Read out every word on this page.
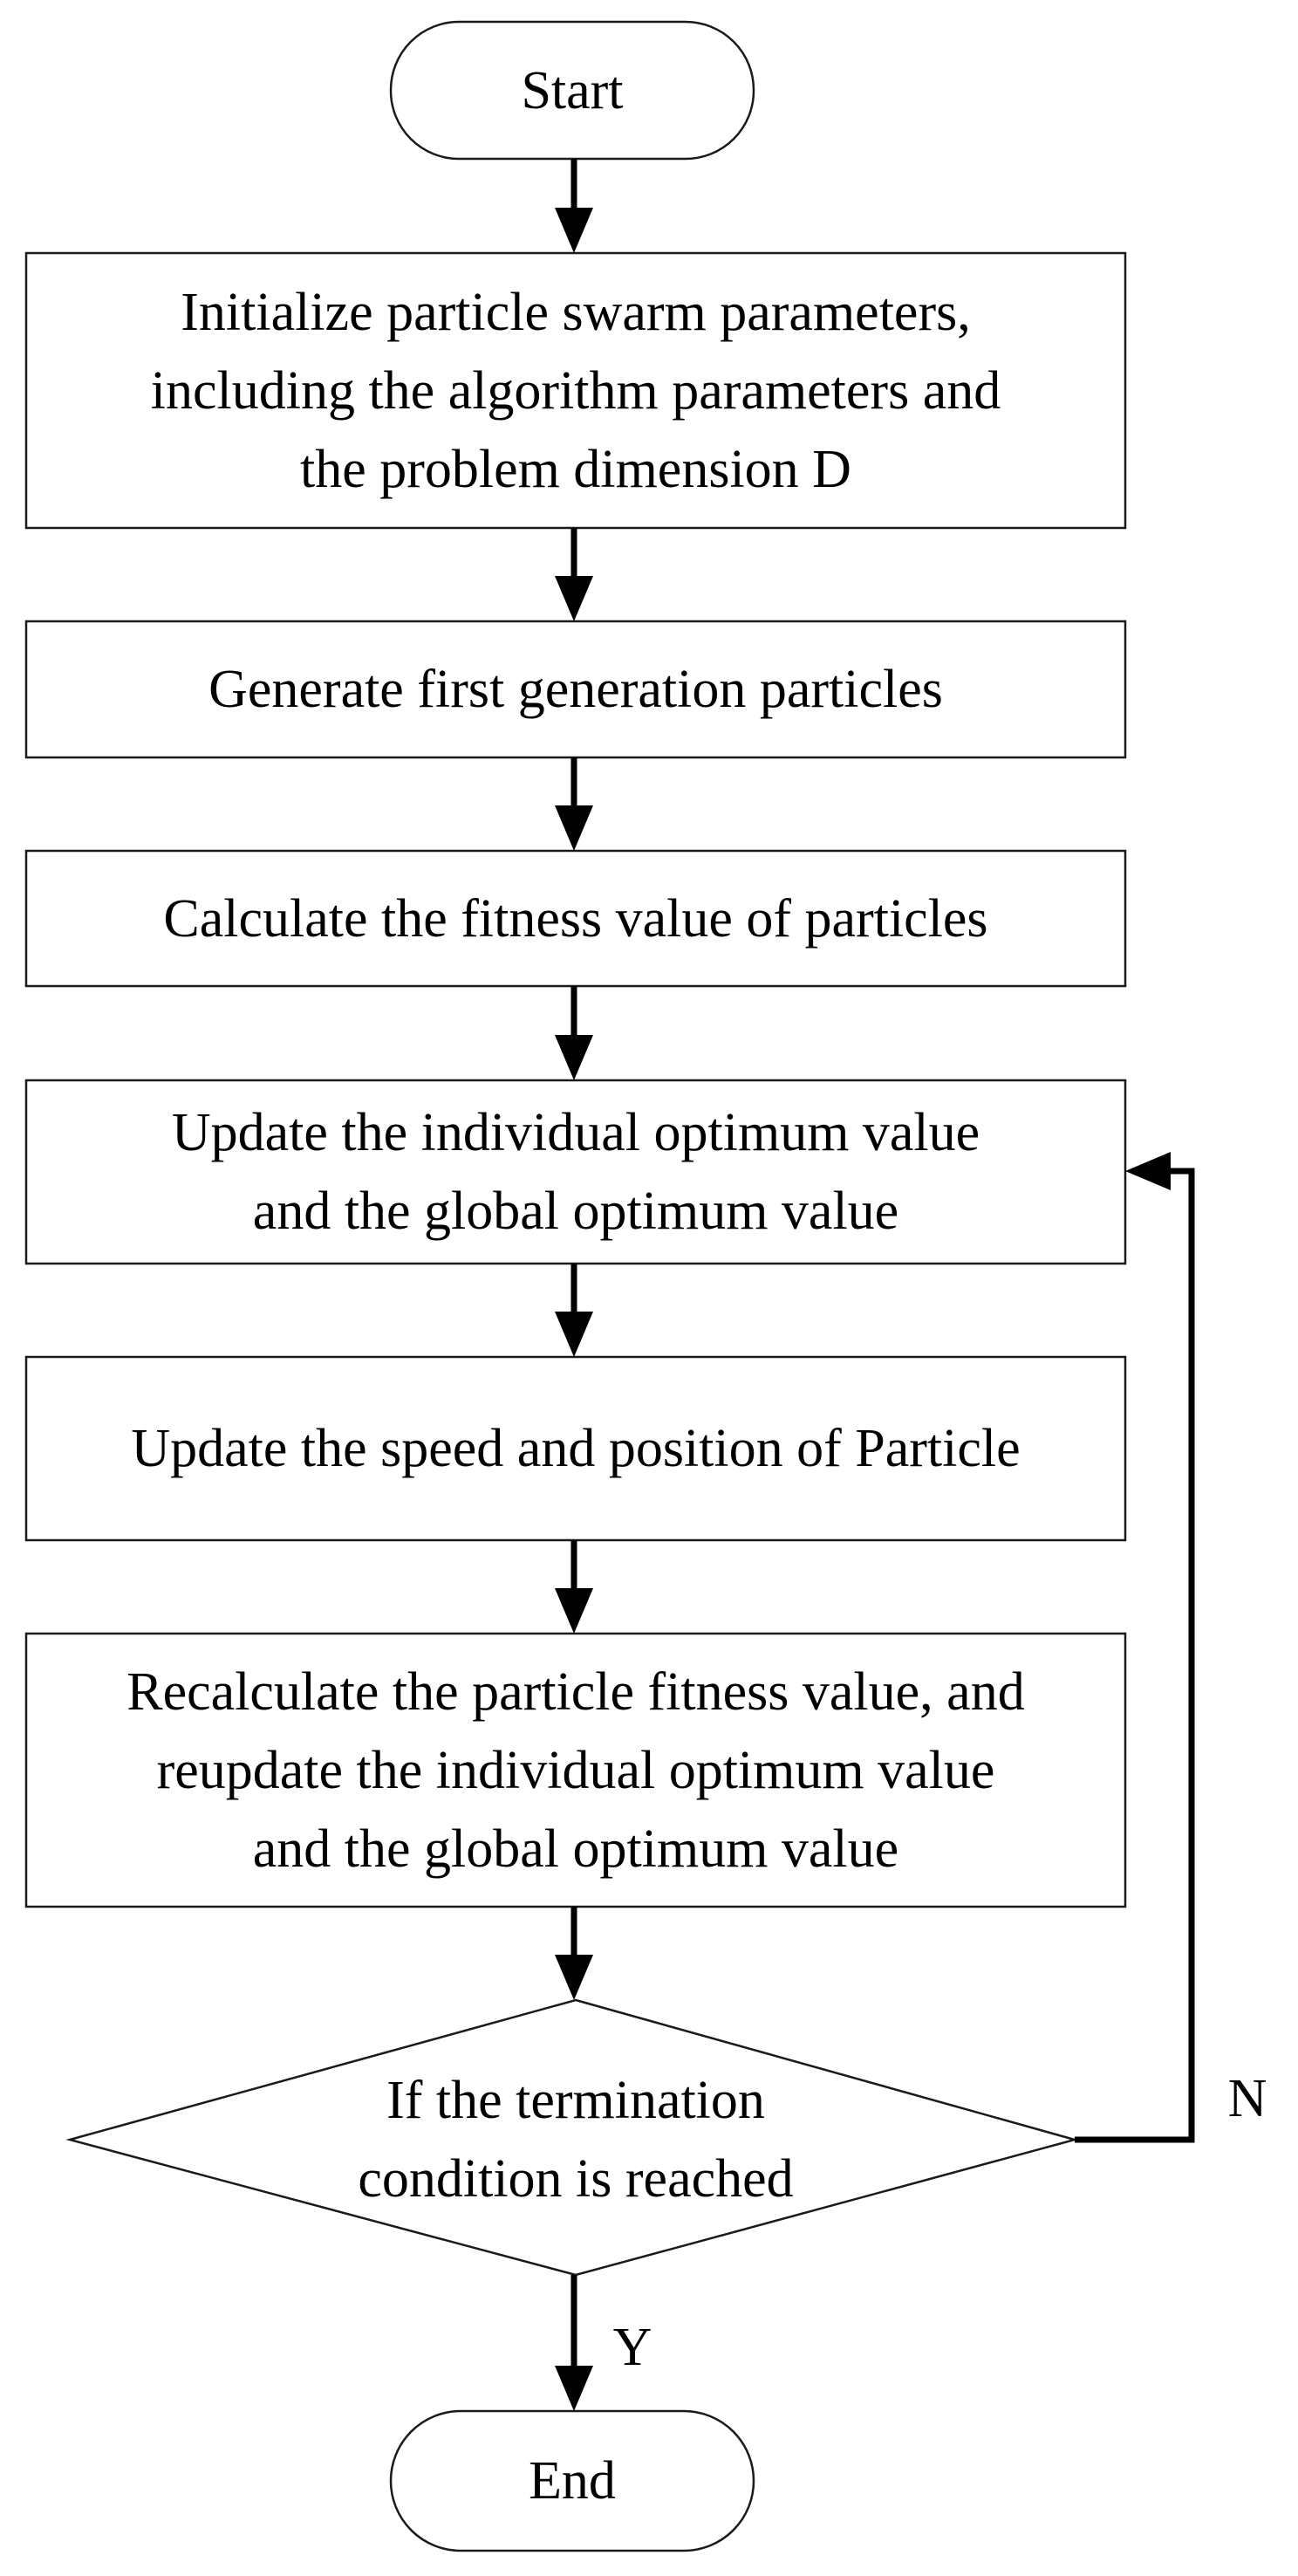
Start
Initialize particle swarm parameters,
including the algorithm parameters and
the problem dimension D
Generate first generation particles
Calculate the fitness value of particles
Update the individual optimum value
and the global optimum value
Update the speed and position of Particle
Recalculate the particle fitness value, and
reupdate the individual optimum value
and the global optimum value
If the termination
condition is reached
End
N
Y
